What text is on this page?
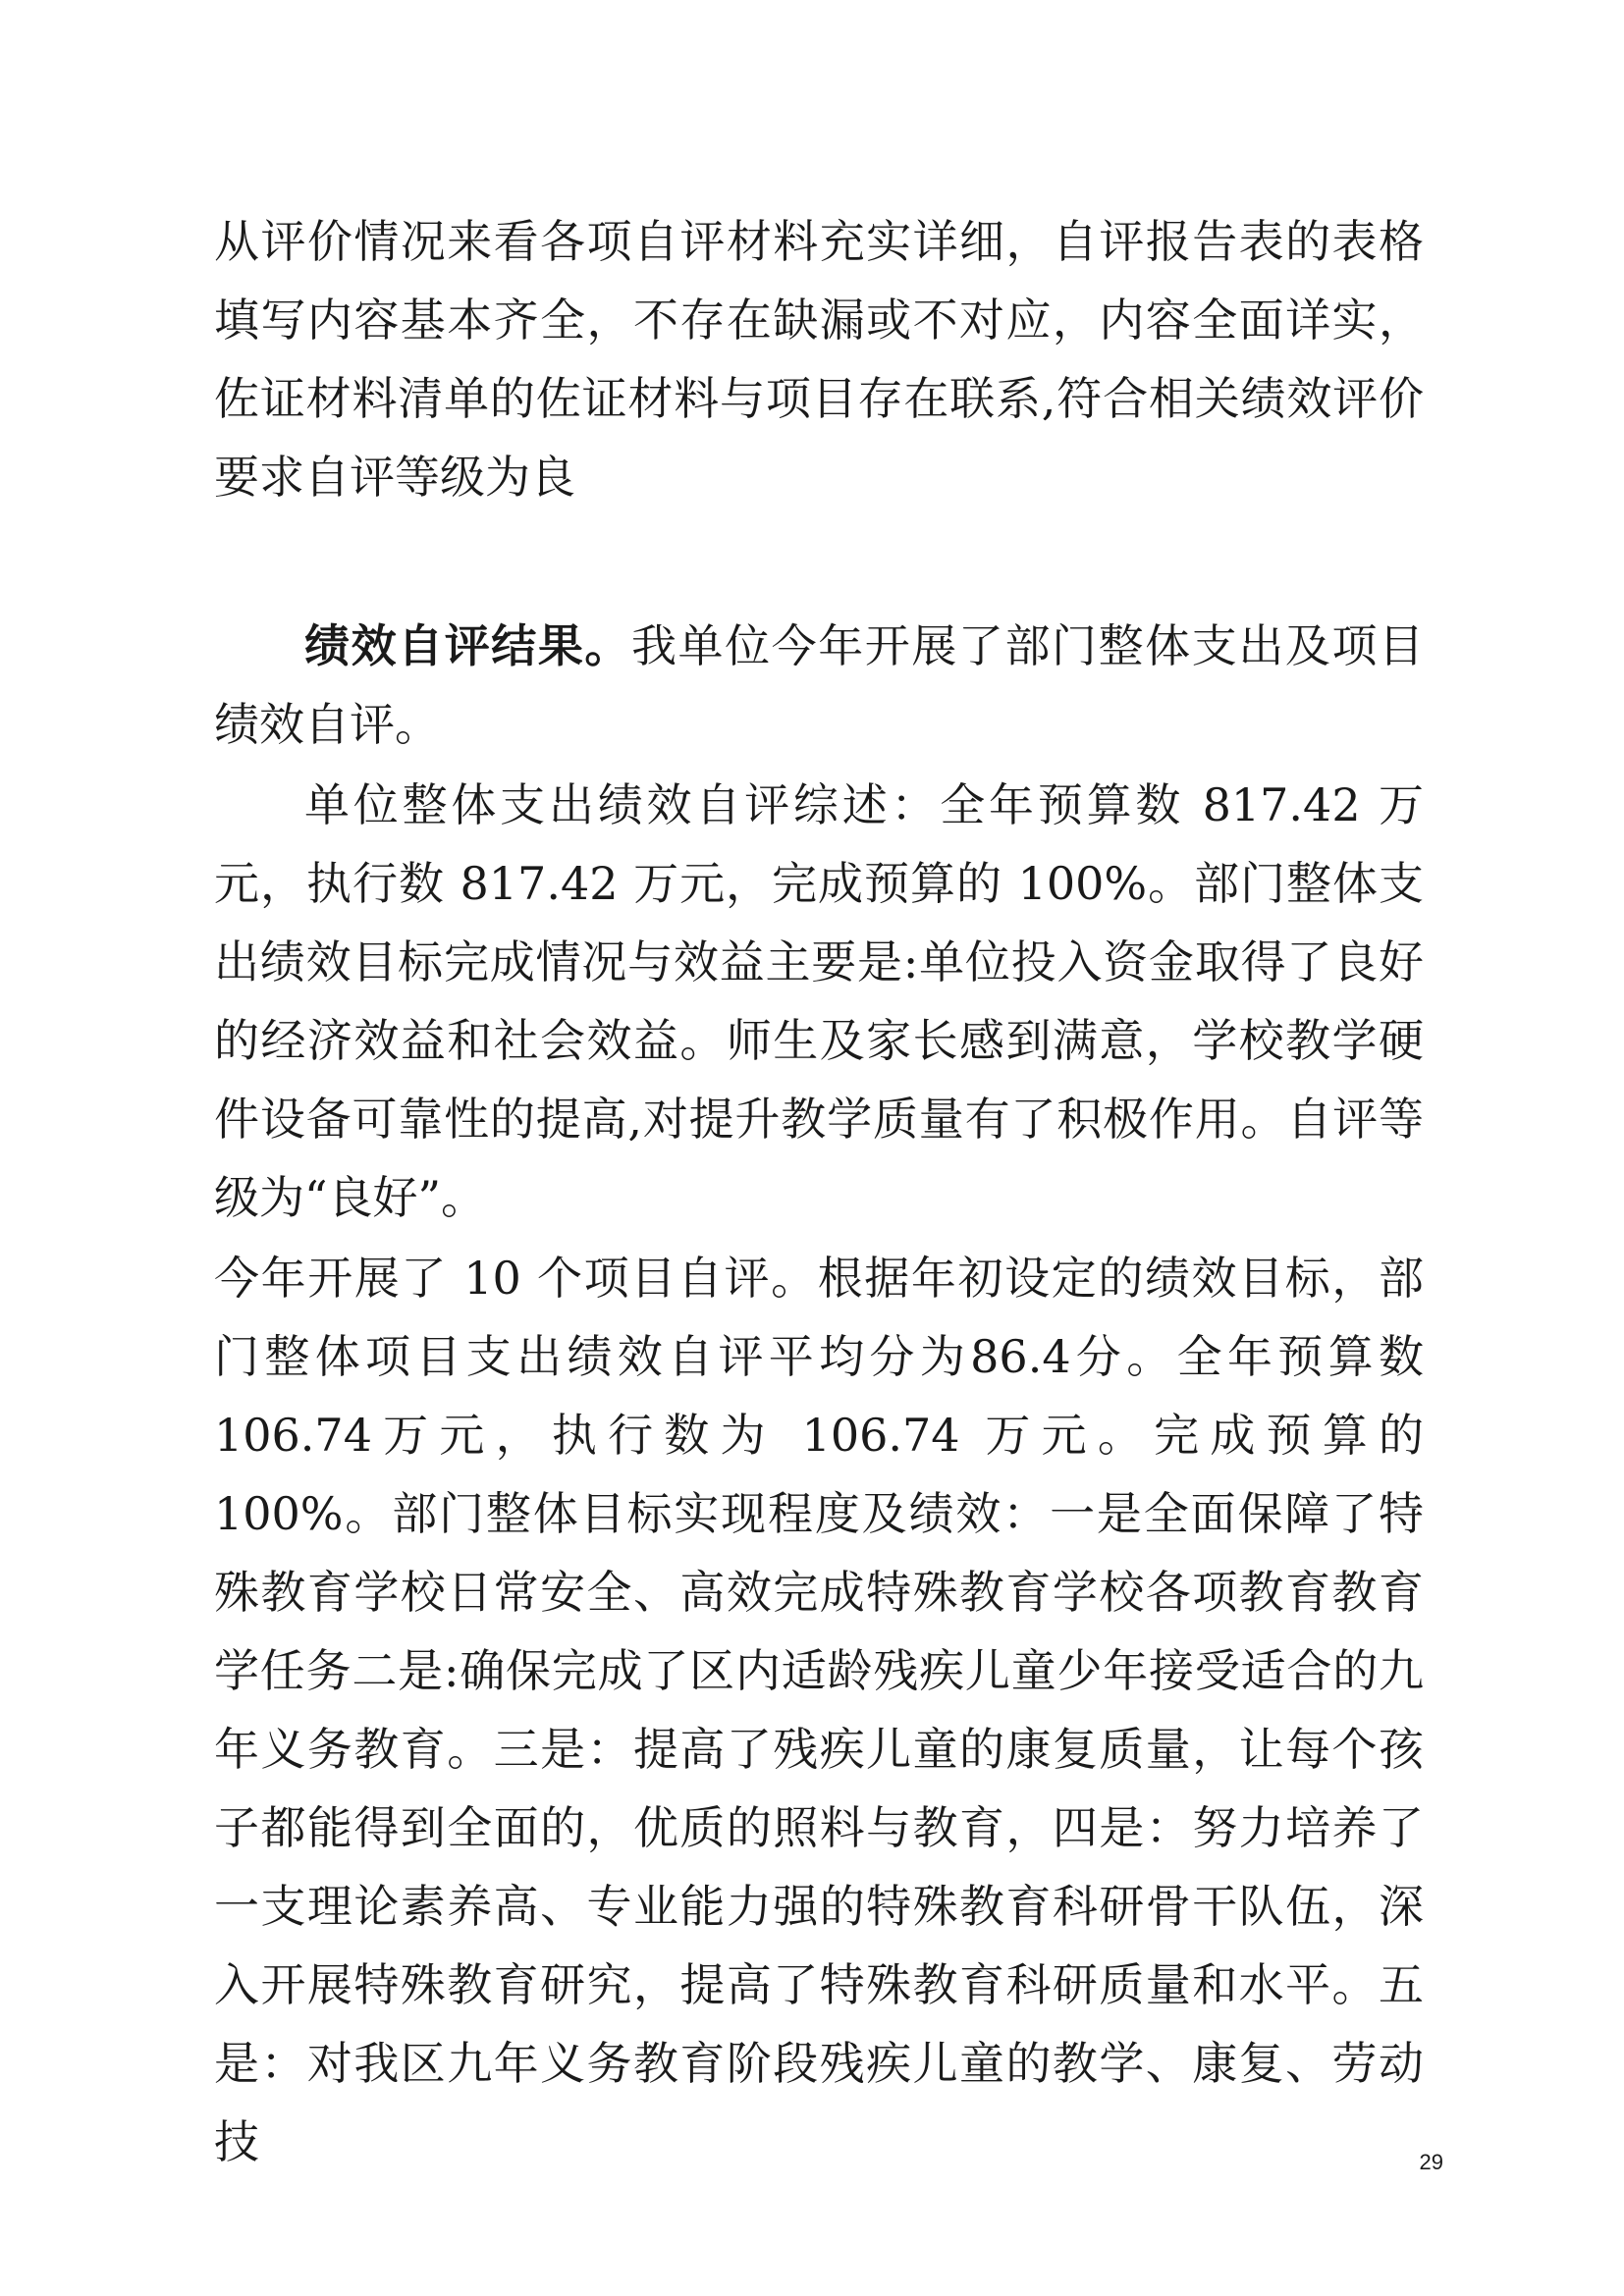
从评价情况来看各项自评材料充实详细，自评报告表的表格填写内容基本齐全，不存在缺漏或不对应，内容全面详实，佐证材料清单的佐证材料与项目存在联系,符合相关绩效评价要求自评等级为良
绩效自评结果。我单位今年开展了部门整体支出及项目绩效自评。
单位整体支出绩效自评综述：全年预算数 817.42 万元，执行数 817.42 万元，完成预算的 100%。部门整体支出绩效目标完成情况与效益主要是:单位投入资金取得了良好的经济效益和社会效益。师生及家长感到满意，学校教学硬件设备可靠性的提高,对提升教学质量有了积极作用。自评等级为“良好”。
今年开展了 10 个项目自评。根据年初设定的绩效目标，部门整体项目支出绩效自评平均分为86.4分。全年预算数106.74万元，执行数为 106.74 万元。完成预算的 100%。部门整体目标实现程度及绩效：一是全面保障了特殊教育学校日常安全、高效完成特殊教育学校各项教育教育学任务二是:确保完成了区内适龄残疾儿童少年接受适合的九年义务教育。三是：提高了残疾儿童的康复质量，让每个孩子都能得到全面的，优质的照料与教育，四是：努力培养了一支理论素养高、专业能力强的特殊教育科研骨干队伍，深入开展特殊教育研究，提高了特殊教育科研质量和水平。五是：对我区九年义务教育阶段残疾儿童的教学、康复、劳动技	29
